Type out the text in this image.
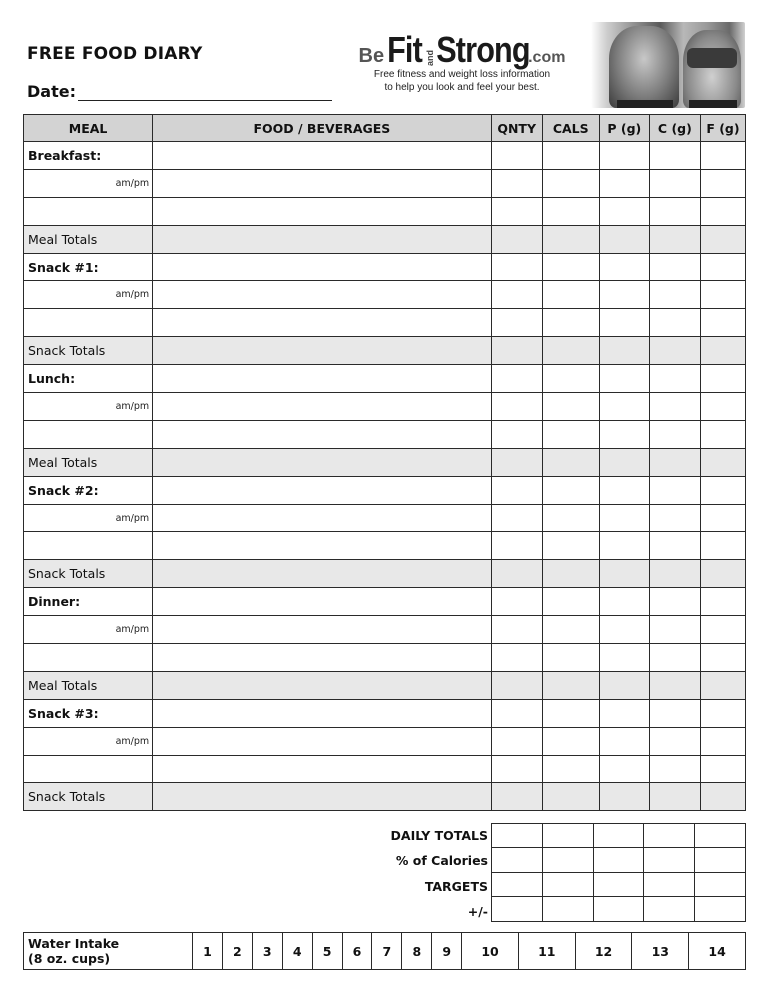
FREE FOOD DIARY
Date:
BeFit andStrong.com
Free fitness and weight loss information
to help you look and feel your best.
MEAL	FOOD / BEVERAGES	QNTY	CALS	P (g)	C (g)	F (g)
Breakfast:						
am/pm						

Meal Totals						
Snack #1:						
am/pm						

Snack Totals						
Lunch:						
am/pm						

Meal Totals						
Snack #2:						
am/pm						

Snack Totals						
Dinner:						
am/pm						

Meal Totals						
Snack #3:						
am/pm						

Snack Totals						
DAILY TOTALS
% of Calories
TARGETS
+/-

Water Intake
(8 oz. cups)	1	2	3	4	5	6	7	8	9	10	11	12	13	14
